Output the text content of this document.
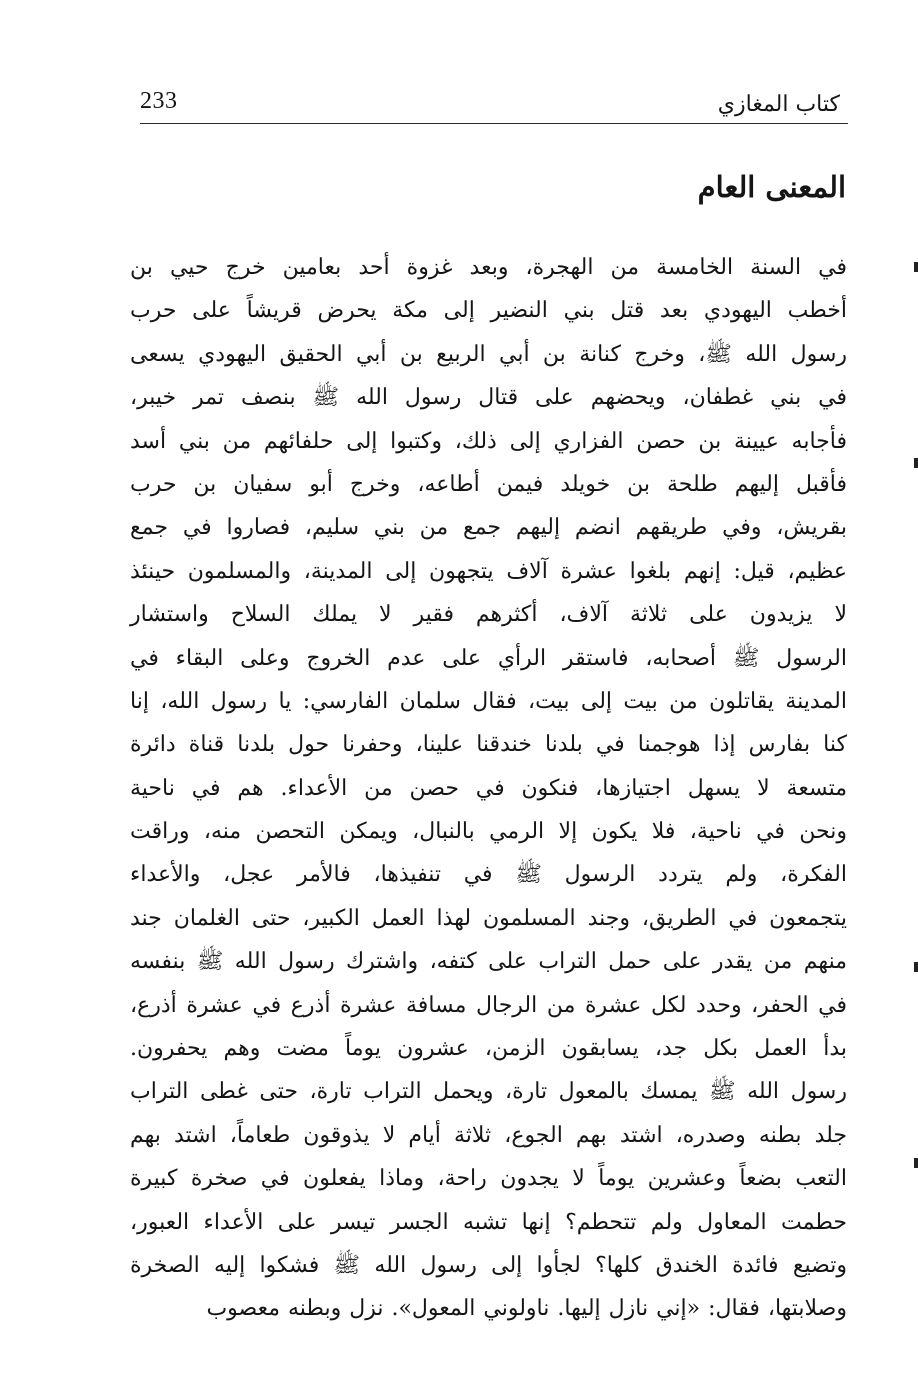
233	كتاب المغازي
المعنى العام
في السنة الخامسة من الهجرة، وبعد غزوة أحد بعامين خرج حيي بن
أخطب اليهودي بعد قتل بني النضير إلى مكة يحرض قريشاً على حرب
رسول الله ﷺ، وخرج كنانة بن أبي الربيع بن أبي الحقيق اليهودي يسعى
في بني غطفان، ويحضهم على قتال رسول الله ﷺ بنصف تمر خيبر،
فأجابه عيينة بن حصن الفزاري إلى ذلك، وكتبوا إلى حلفائهم من بني أسد
فأقبل إليهم طلحة بن خويلد فيمن أطاعه، وخرج أبو سفيان بن حرب
بقريش، وفي طريقهم انضم إليهم جمع من بني سليم، فصاروا في جمع
عظيم، قيل: إنهم بلغوا عشرة آلاف يتجهون إلى المدينة، والمسلمون حينئذ
لا يزيدون على ثلاثة آلاف، أكثرهم فقير لا يملك السلاح واستشار
الرسول ﷺ أصحابه، فاستقر الرأي على عدم الخروج وعلى البقاء في
المدينة يقاتلون من بيت إلى بيت، فقال سلمان الفارسي: يا رسول الله، إنا
كنا بفارس إذا هوجمنا في بلدنا خندقنا علينا، وحفرنا حول بلدنا قناة دائرة
متسعة لا يسهل اجتيازها، فنكون في حصن من الأعداء. هم في ناحية
ونحن في ناحية، فلا يكون إلا الرمي بالنبال، ويمكن التحصن منه، وراقت
الفكرة، ولم يتردد الرسول ﷺ في تنفيذها، فالأمر عجل، والأعداء
يتجمعون في الطريق، وجند المسلمون لهذا العمل الكبير، حتى الغلمان جند
منهم من يقدر على حمل التراب على كتفه، واشترك رسول الله ﷺ بنفسه
في الحفر، وحدد لكل عشرة من الرجال مسافة عشرة أذرع في عشرة أذرع،
بدأ العمل بكل جد، يسابقون الزمن، عشرون يوماً مضت وهم يحفرون.
رسول الله ﷺ يمسك بالمعول تارة، ويحمل التراب تارة، حتى غطى التراب
جلد بطنه وصدره، اشتد بهم الجوع، ثلاثة أيام لا يذوقون طعاماً، اشتد بهم
التعب بضعاً وعشرين يوماً لا يجدون راحة، وماذا يفعلون في صخرة كبيرة
حطمت المعاول ولم تتحطم؟ إنها تشبه الجسر تيسر على الأعداء العبور،
وتضيع فائدة الخندق كلها؟ لجأوا إلى رسول الله ﷺ فشكوا إليه الصخرة
وصلابتها، فقال: «إني نازل إليها. ناولوني المعول». نزل وبطنه معصوب
